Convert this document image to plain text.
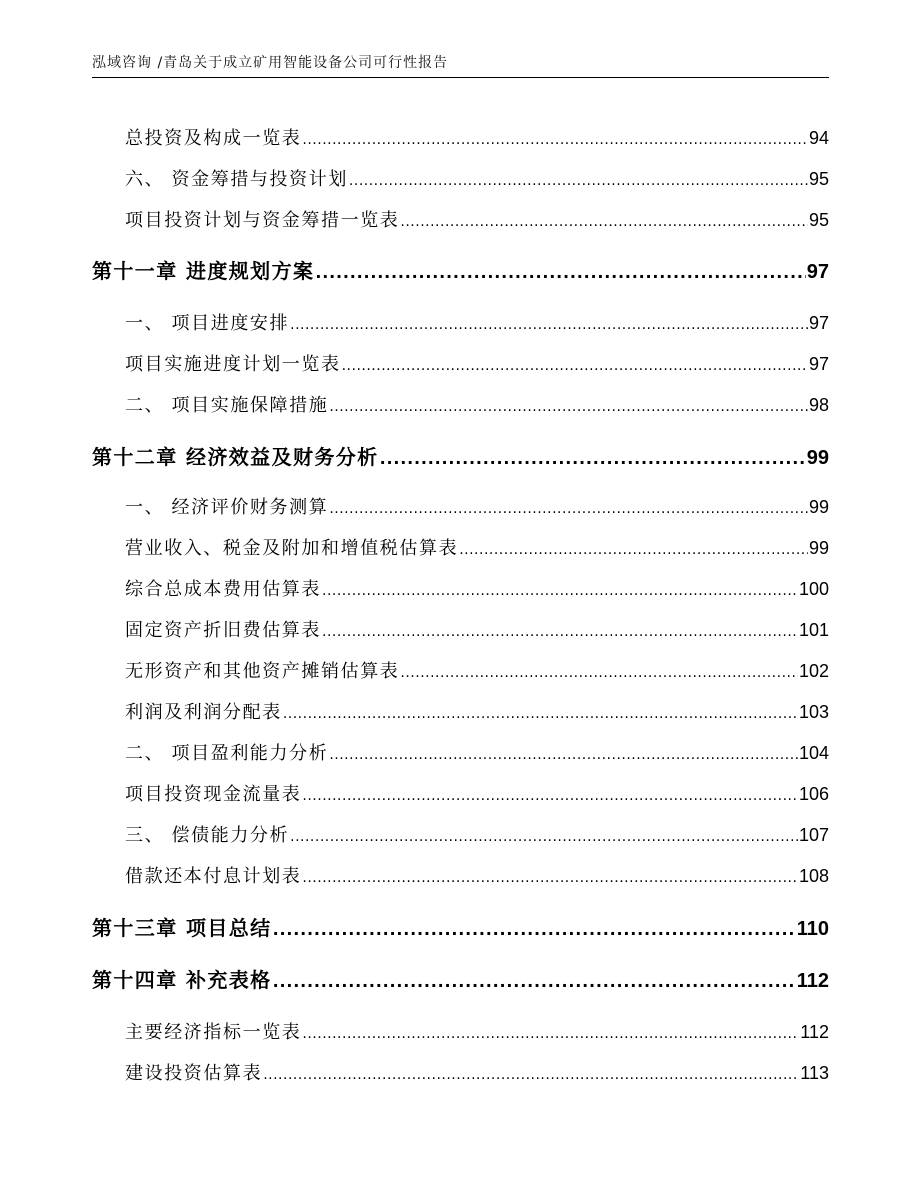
泓域咨询 /青岛关于成立矿用智能设备公司可行性报告
总投资及构成一览表 .....	94
六、 资金筹措与投资计划 .....	95
项目投资计划与资金筹措一览表 .....	95
第十一章 进度规划方案 .....	97
一、 项目进度安排 .....	97
项目实施进度计划一览表 .....	97
二、 项目实施保障措施 .....	98
第十二章 经济效益及财务分析 .....	99
一、 经济评价财务测算 .....	99
营业收入、税金及附加和增值税估算表 .....	99
综合总成本费用估算表 .....	100
固定资产折旧费估算表 .....	101
无形资产和其他资产摊销估算表 .....	102
利润及利润分配表 .....	103
二、 项目盈利能力分析 .....	104
项目投资现金流量表 .....	106
三、 偿债能力分析 .....	107
借款还本付息计划表 .....	108
第十三章 项目总结 .....	110
第十四章 补充表格 .....	112
主要经济指标一览表 .....	112
建设投资估算表 .....	113
